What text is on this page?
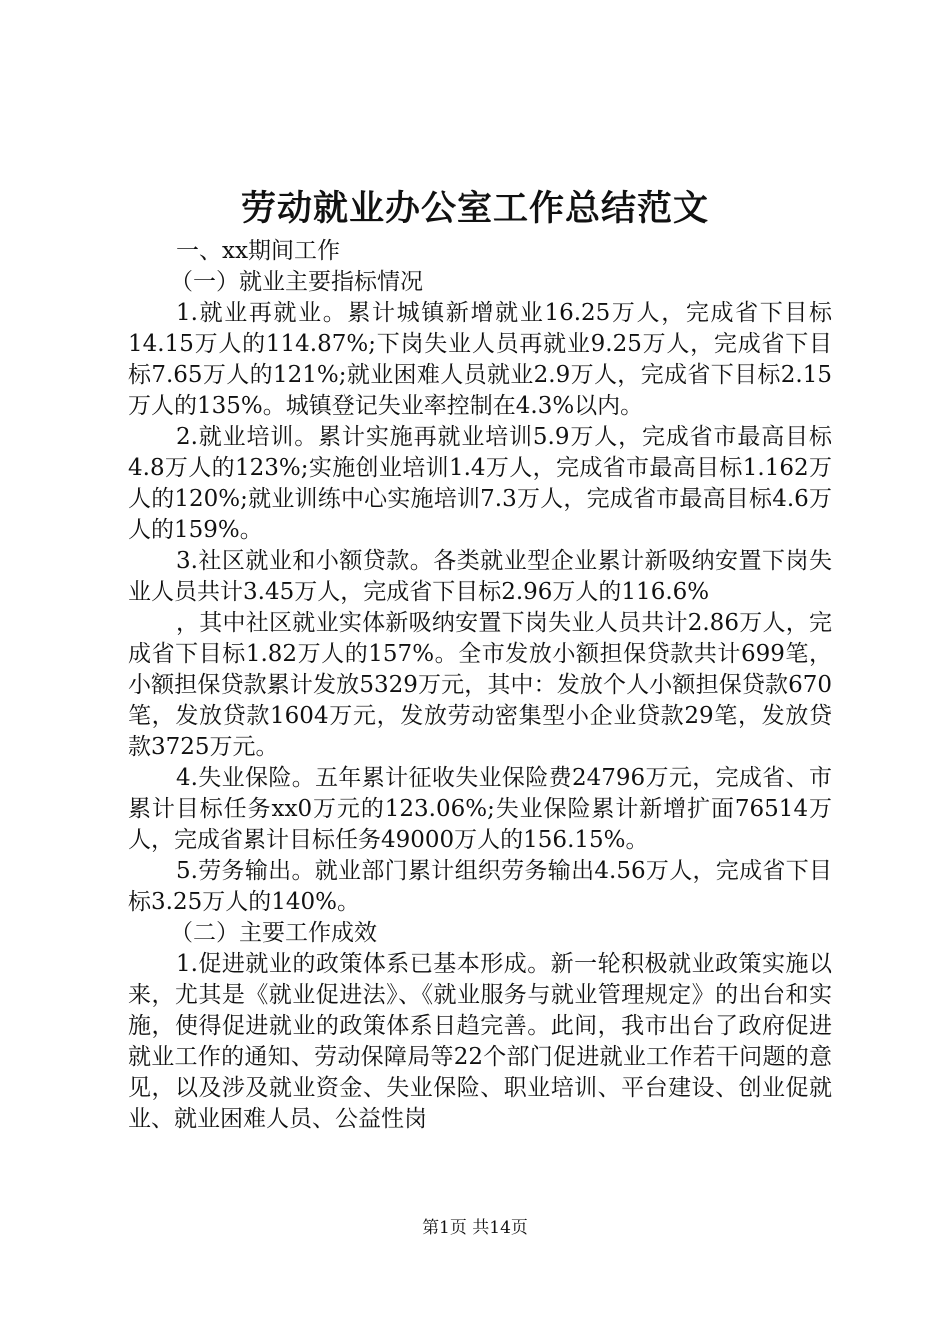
劳动就业办公室工作总结范文

一、xx期间工作

（一）就业主要指标情况

1.就业再就业。累计城镇新增就业16.25万人，完成省下目标14.15万人的114.87%;下岗失业人员再就业9.25万人，完成省下目标7.65万人的121%;就业困难人员就业2.9万人，完成省下目标2.15万人的135%。城镇登记失业率控制在4.3%以内。

2.就业培训。累计实施再就业培训5.9万人，完成省市最高目标4.8万人的123%;实施创业培训1.4万人，完成省市最高目标1.162万人的120%;就业训练中心实施培训7.3万人，完成省市最高目标4.6万人的159%。

3.社区就业和小额贷款。各类就业型企业累计新吸纳安置下岗失业人员共计3.45万人，完成省下目标2.96万人的116.6%

，其中社区就业实体新吸纳安置下岗失业人员共计2.86万人，完成省下目标1.82万人的157%。全市发放小额担保贷款共计699笔，小额担保贷款累计发放5329万元，其中：发放个人小额担保贷款670笔，发放贷款1604万元，发放劳动密集型小企业贷款29笔，发放贷款3725万元。

4.失业保险。五年累计征收失业保险费24796万元，完成省、市累计目标任务xx0万元的123.06%;失业保险累计新增扩面76514万人，完成省累计目标任务49000万人的156.15%。

5.劳务输出。就业部门累计组织劳务输出4.56万人，完成省下目标3.25万人的140%。

（二）主要工作成效

1.促进就业的政策体系已基本形成。新一轮积极就业政策实施以来，尤其是《就业促进法》、《就业服务与就业管理规定》的出台和实施，使得促进就业的政策体系日趋完善。此间，我市出台了政府促进就业工作的通知、劳动保障局等22个部门促进就业工作若干问题的意见，以及涉及就业资金、失业保险、职业培训、平台建设、创业促就业、就业困难人员、公益性岗

第1页 共14页
